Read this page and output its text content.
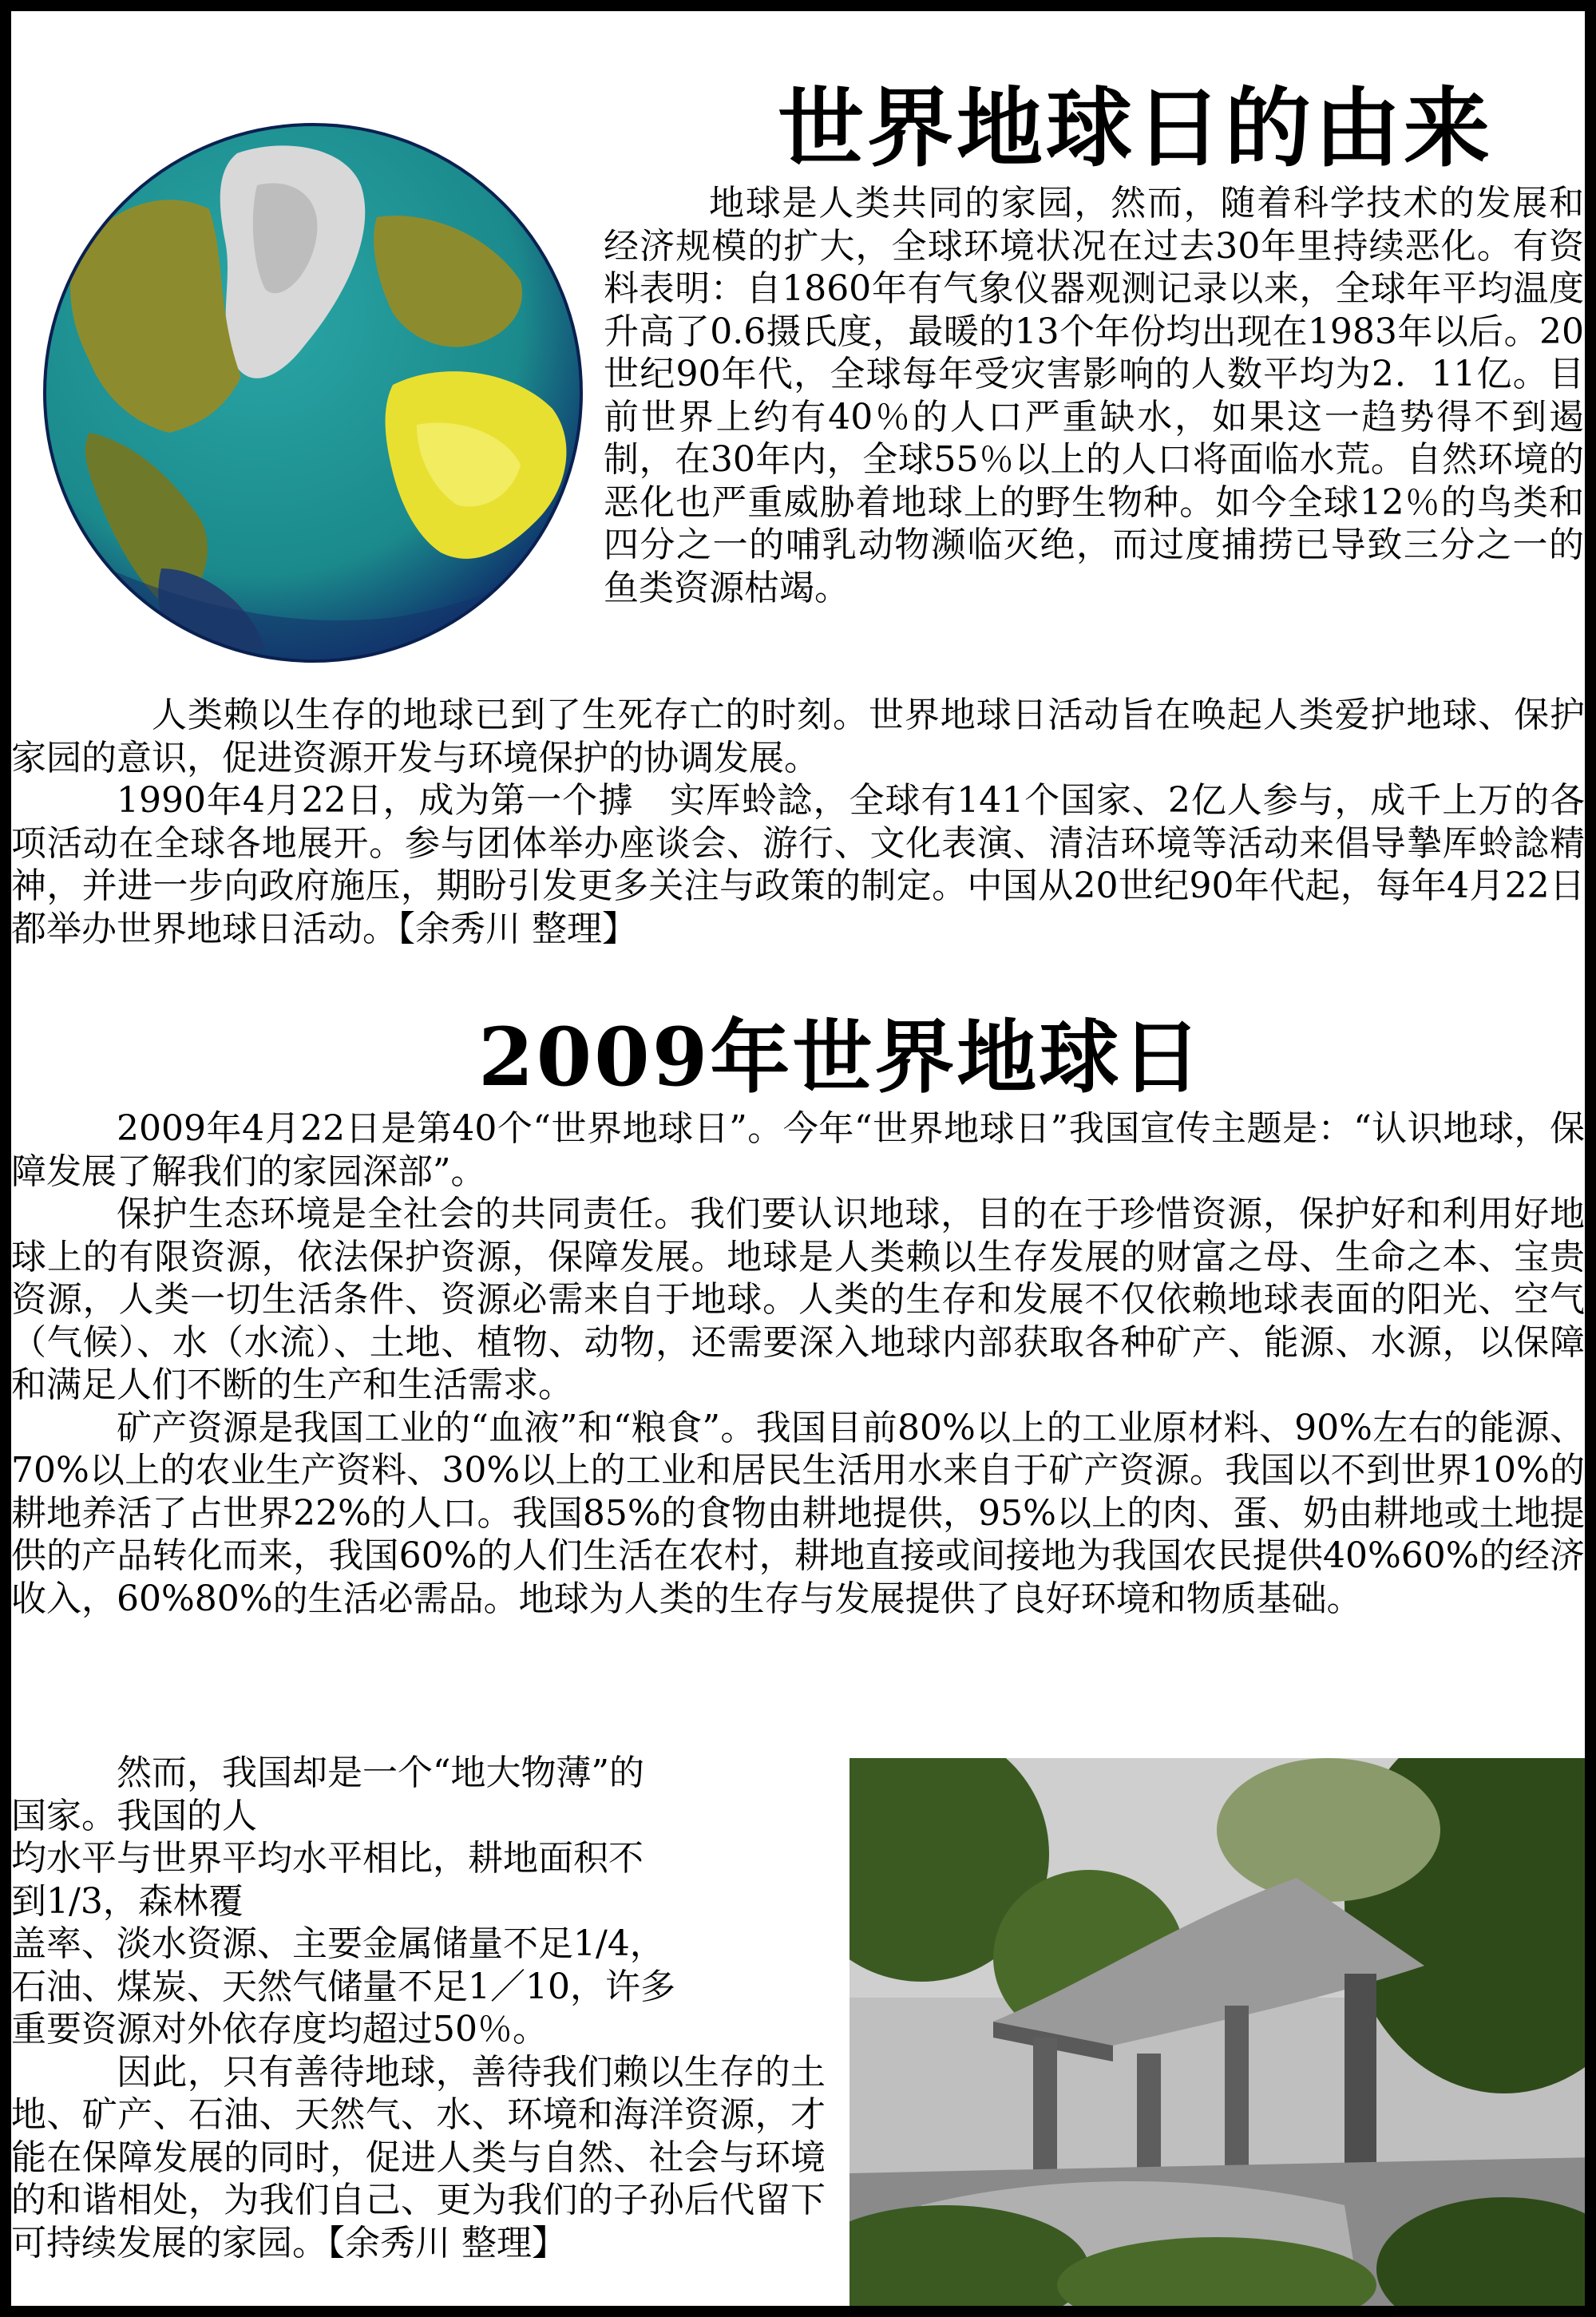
世界地球日的由来

地球是人类共同的家园，然而，随着科学技术的发展和经济规模的扩大，全球环境状况在过去30年里持续恶化。有资料表明：自1860年有气象仪器观测记录以来，全球年平均温度升高了0.6摄氏度，最暖的13个年份均出现在1983年以后。20世纪90年代，全球每年受灾害影响的人数平均为2．11亿。目前世界上约有40％的人口严重缺水，如果这一趋势得不到遏制，在30年内，全球55％以上的人口将面临水荒。自然环境的恶化也严重威胁着地球上的野生物种。如今全球12％的鸟类和四分之一的哺乳动物濒临灭绝，而过度捕捞已导致三分之一的鱼类资源枯竭。

人类赖以生存的地球已到了生死存亡的时刻。世界地球日活动旨在唤起人类爱护地球、保护家园的意识，促进资源开发与环境保护的协调发展。

1990年4月22日，成为第一个摢　实厍蛉諗，全球有141个国家、2亿人参与，成千上万的各项活动在全球各地展开。参与团体举办座谈会、游行、文化表演、清洁环境等活动来倡导摯厍蛉諗精神，并进一步向政府施压，期盼引发更多关注与政策的制定。中国从20世纪90年代起，每年4月22日都举办世界地球日活动。【余秀川 整理】

2009年世界地球日

2009年4月22日是第40个“世界地球日”。今年“世界地球日”我国宣传主题是：“认识地球，保障发展了解我们的家园深部”。

保护生态环境是全社会的共同责任。我们要认识地球，目的在于珍惜资源，保护好和利用好地球上的有限资源，依法保护资源，保障发展。地球是人类赖以生存发展的财富之母、生命之本、宝贵资源，人类一切生活条件、资源必需来自于地球。人类的生存和发展不仅依赖地球表面的阳光、空气（气候）、水（水流）、土地、植物、动物，还需要深入地球内部获取各种矿产、能源、水源，以保障和满足人们不断的生产和生活需求。

矿产资源是我国工业的“血液”和“粮食”。我国目前80%以上的工业原材料、90%左右的能源、70%以上的农业生产资料、30%以上的工业和居民生活用水来自于矿产资源。我国以不到世界10%的耕地养活了占世界22%的人口。我国85%的食物由耕地提供，95%以上的肉、蛋、奶由耕地或土地提供的产品转化而来，我国60%的人们生活在农村，耕地直接或间接地为我国农民提供40%60%的经济收入，60%80%的生活必需品。地球为人类的生存与发展提供了良好环境和物质基础。

然而，我国却是一个“地大物薄”的
国家。我国的人
均水平与世界平均水平相比，耕地面积不
到1/3，森林覆
盖率、淡水资源、主要金属储量不足1/4，
石油、煤炭、天然气储量不足1／10，许多
重要资源对外依存度均超过50％。

因此，只有善待地球，善待我们赖以生存的土地、矿产、石油、天然气、水、环境和海洋资源，才能在保障发展的同时，促进人类与自然、社会与环境的和谐相处，为我们自己、更为我们的子孙后代留下可持续发展的家园。【余秀川 整理】
